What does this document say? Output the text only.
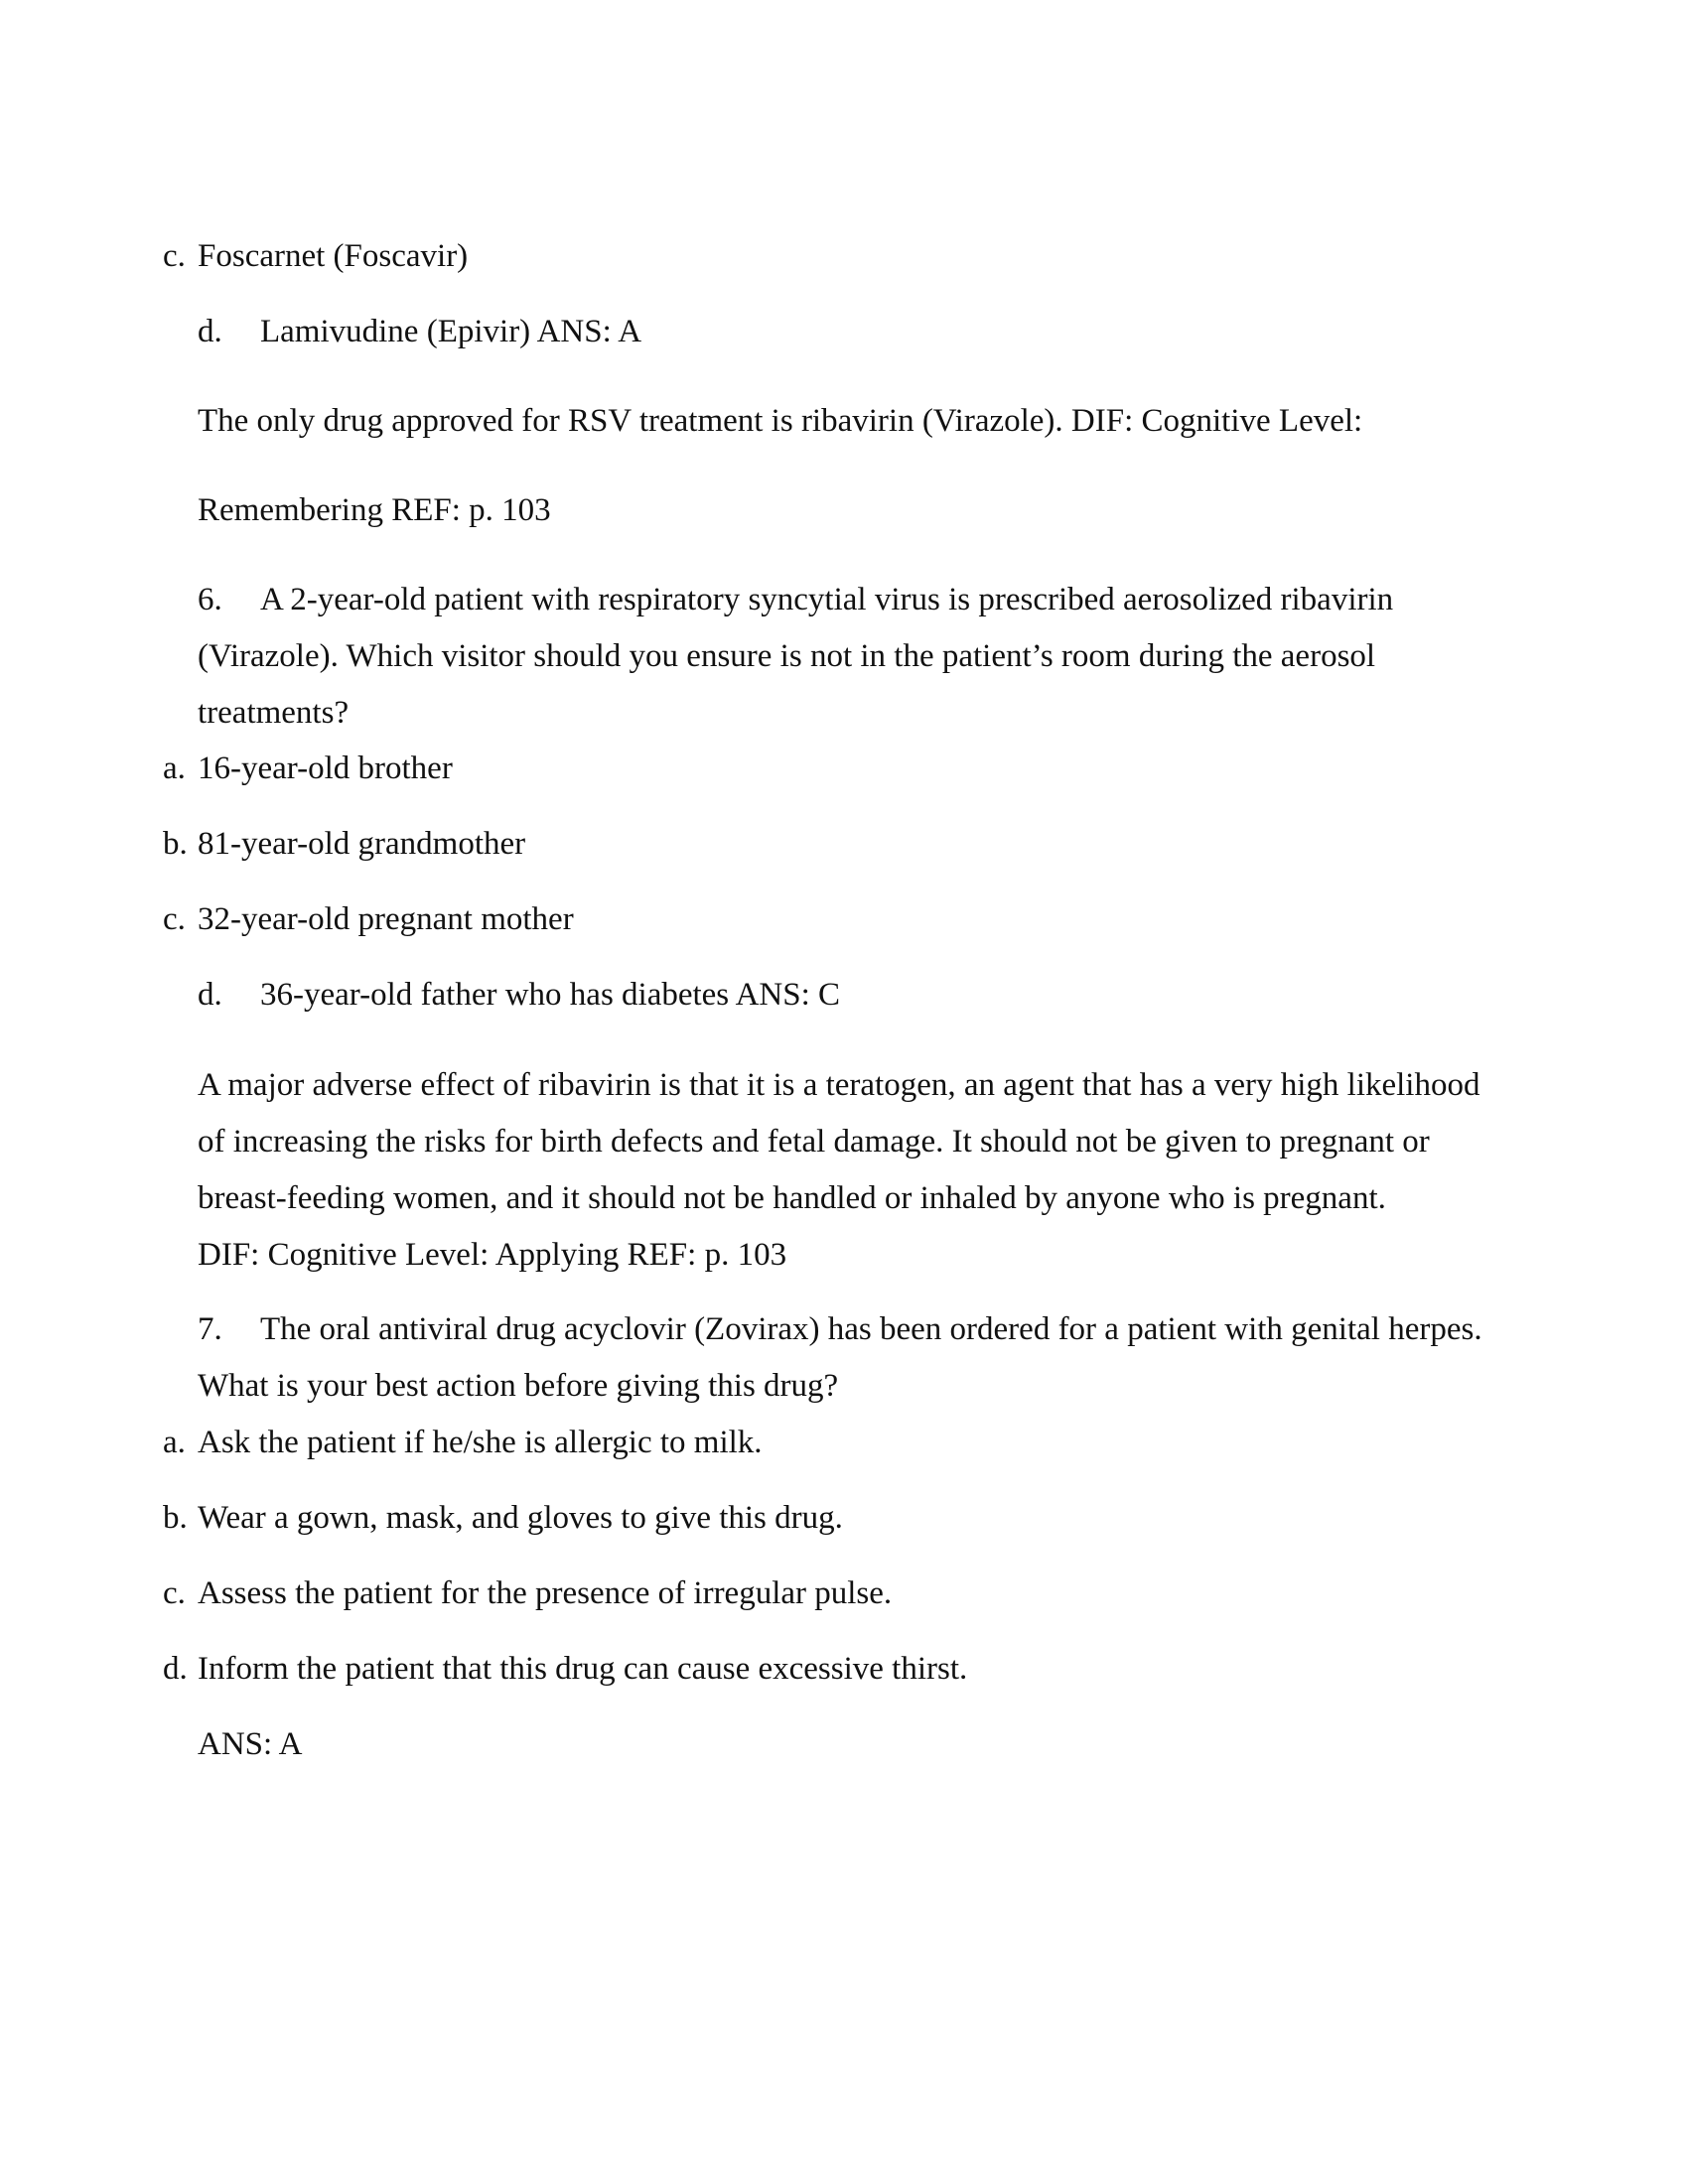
c. Foscarnet (Foscavir)
d. Lamivudine (Epivir) ANS: A
The only drug approved for RSV treatment is ribavirin (Virazole). DIF: Cognitive Level:
Remembering REF: p. 103
6. A 2-year-old patient with respiratory syncytial virus is prescribed aerosolized ribavirin
(Virazole). Which visitor should you ensure is not in the patient’s room during the aerosol
treatments?
a. 16-year-old brother
b. 81-year-old grandmother
c. 32-year-old pregnant mother
d. 36-year-old father who has diabetes ANS: C
A major adverse effect of ribavirin is that it is a teratogen, an agent that has a very high likelihood
of increasing the risks for birth defects and fetal damage. It should not be given to pregnant or
breast-feeding women, and it should not be handled or inhaled by anyone who is pregnant.
DIF: Cognitive Level: Applying REF: p. 103
7. The oral antiviral drug acyclovir (Zovirax) has been ordered for a patient with genital herpes.
What is your best action before giving this drug?
a. Ask the patient if he/she is allergic to milk.
b. Wear a gown, mask, and gloves to give this drug.
c. Assess the patient for the presence of irregular pulse.
d. Inform the patient that this drug can cause excessive thirst.
ANS: A
